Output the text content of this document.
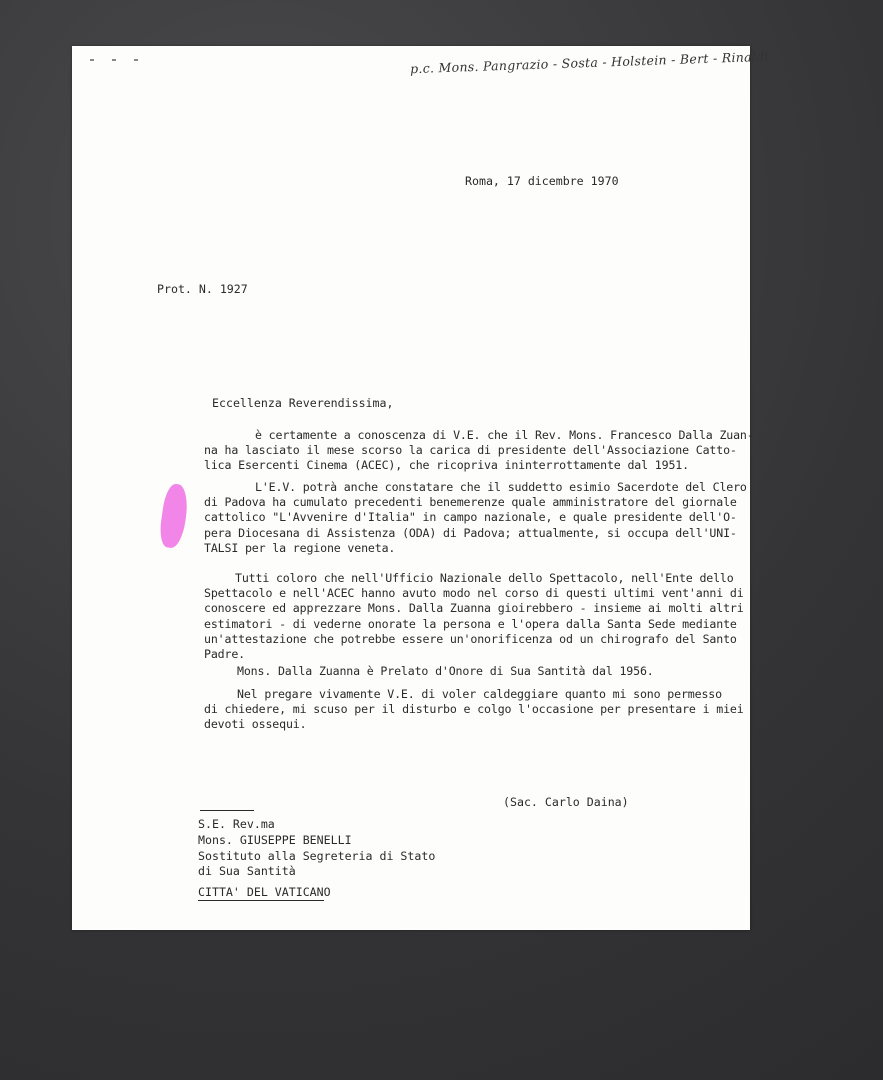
p.c. Mons. Pangrazio - Sosta - Holstein - Bert - Rinaldi
Roma, 17 dicembre 1970
Prot. N. 1927
Eccellenza Reverendissima,
è certamente a conoscenza di V.E. che il Rev. Mons. Francesco Dalla Zuan-
na ha lasciato il mese scorso la carica di presidente dell'Associazione Catto-
lica Esercenti Cinema (ACEC), che ricopriva ininterrottamente dal 1951.
L'E.V. potrà anche constatare che il suddetto esimio Sacerdote del Clero
di Padova ha cumulato precedenti benemerenze quale amministratore del giornale
cattolico "L'Avvenire d'Italia" in campo nazionale, e quale presidente dell'O-
pera Diocesana di Assistenza (ODA) di Padova; attualmente, si occupa dell'UNI-
TALSI per la regione veneta.
Tutti coloro che nell'Ufficio Nazionale dello Spettacolo, nell'Ente dello
Spettacolo e nell'ACEC hanno avuto modo nel corso di questi ultimi vent'anni di
conoscere ed apprezzare Mons. Dalla Zuanna gioirebbero - insieme ai molti altri
estimatori - di vederne onorate la persona e l'opera dalla Santa Sede mediante
un'attestazione che potrebbe essere un'onorificenza od un chirografo del Santo
Padre.
Mons. Dalla Zuanna è Prelato d'Onore di Sua Santità dal 1956.
Nel pregare vivamente V.E. di voler caldeggiare quanto mi sono permesso
di chiedere, mi scuso per il disturbo e colgo l'occasione per presentare i miei
devoti ossequi.
(Sac. Carlo Daina)
S.E. Rev.ma
Mons. GIUSEPPE BENELLI
Sostituto alla Segreteria di Stato
di Sua Santità
CITTA' DEL VATICANO
